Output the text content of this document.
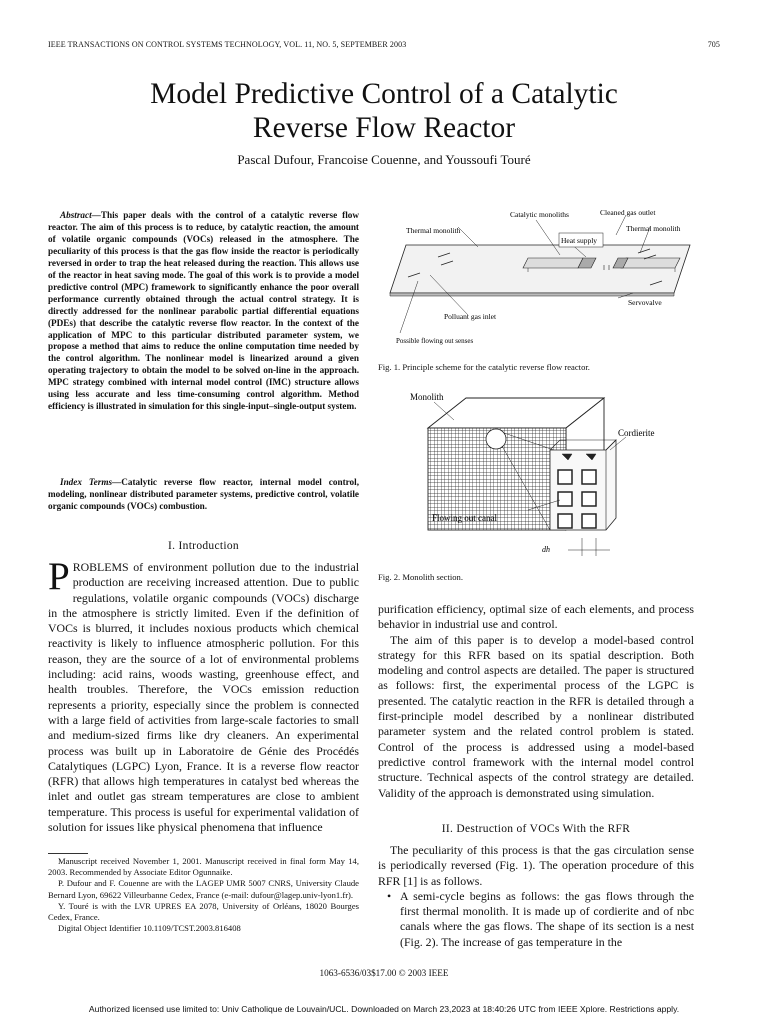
IEEE TRANSACTIONS ON CONTROL SYSTEMS TECHNOLOGY, VOL. 11, NO. 5, SEPTEMBER 2003	705
Model Predictive Control of a Catalytic
Reverse Flow Reactor
Pascal Dufour, Francoise Couenne, and Youssoufi Touré
Abstract—This paper deals with the control of a catalytic reverse flow reactor. The aim of this process is to reduce, by catalytic reaction, the amount of volatile organic compounds (VOCs) released in the atmosphere. The peculiarity of this process is that the gas flow inside the reactor is periodically reversed in order to trap the heat released during the reaction. This allows use of the reactor in heat saving mode. The goal of this work is to provide a model predictive control (MPC) framework to significantly enhance the poor overall performance currently obtained through the actual control strategy. It is directly addressed for the nonlinear parabolic partial differential equations (PDEs) that describe the catalytic reverse flow reactor. In the context of the application of MPC to this particular distributed parameter system, we propose a method that aims to reduce the online computation time needed by the control algorithm. The nonlinear model is linearized around a given operating trajectory to obtain the model to be solved on-line in the approach. MPC strategy combined with internal model control (IMC) structure allows using less accurate and less time-consuming control algorithm. Method efficiency is illustrated in simulation for this single-input–single-output system.
Index Terms—Catalytic reverse flow reactor, internal model control, modeling, nonlinear distributed parameter systems, predictive control, volatile organic compounds (VOCs) combustion.
I. Introduction
PROBLEMS of environment pollution due to the industrial production are receiving increased attention. Due to public regulations, volatile organic compounds (VOCs) discharge in the atmosphere is strictly limited. Even if the definition of VOCs is blurred, it includes noxious products which chemical reactivity is likely to influence atmospheric pollution. For this reason, they are the source of a lot of environmental problems including: acid rains, woods wasting, greenhouse effect, and health troubles. Therefore, the VOCs emission reduction represents a priority, especially since the problem is connected with a large field of activities from large-scale factories to small and medium-sized firms like dry cleaners. An experimental process was built up in Laboratoire de Génie des Procédés Catalytiques (LGPC) Lyon, France. It is a reverse flow reactor (RFR) that allows high temperatures in catalyst bed whereas the inlet and outlet gas stream temperatures are close to ambient temperature. This process is useful for experimental validation of solution for issues like physical phenomena that influence

Manuscript received November 1, 2001. Manuscript received in final form May 14, 2003. Recommended by Associate Editor Ogunnaike.

P. Dufour and F. Couenne are with the LAGEP UMR 5007 CNRS, University Claude Bernard Lyon, 69622 Villeurbanne Cedex, France (e-mail: dufour@lagep.univ-lyon1.fr).

Y. Touré is with the LVR UPRES EA 2078, University of Orléans, 18020 Bourges Cedex, France.

Digital Object Identifier 10.1109/TCST.2003.816408

Catalytic monoliths	Cleaned gas outlet
Thermal monolith	Thermal monolith
Heat supply
Servovalve
Polluant gas inlet
Possible flowing out senses
Fig. 1. Principle scheme for the catalytic reverse flow reactor.
Monolith
Cordierite
Flowing out canal
dh
Fig. 2. Monolith section.

purification efficiency, optimal size of each elements, and process behavior in industrial use and control.

The aim of this paper is to develop a model-based control strategy for this RFR based on its spatial description. Both modeling and control aspects are detailed. The paper is structured as follows: first, the experimental process of the LGPC is presented. The catalytic reaction in the RFR is detailed through a first-principle model described by a nonlinear distributed parameter system and the related control problem is stated. Control of the process is addressed using a model-based predictive control framework with the internal model control structure. Technical aspects of the control strategy are detailed. Validity of the approach is demonstrated using simulation.

II. Destruction of VOCs With the RFR

The peculiarity of this process is that the gas circulation sense is periodically reversed (Fig. 1). The operation procedure of this RFR [1] is as follows.

• A semi-cycle begins as follows: the gas flows through the first thermal monolith. It is made up of cordierite and of nbc canals where the gas flows. The shape of its section is a nest (Fig. 2). The increase of gas temperature in the

1063-6536/03$17.00 © 2003 IEEE
Authorized licensed use limited to: Univ Catholique de Louvain/UCL. Downloaded on March 23,2023 at 18:40:26 UTC from IEEE Xplore. Restrictions apply.
